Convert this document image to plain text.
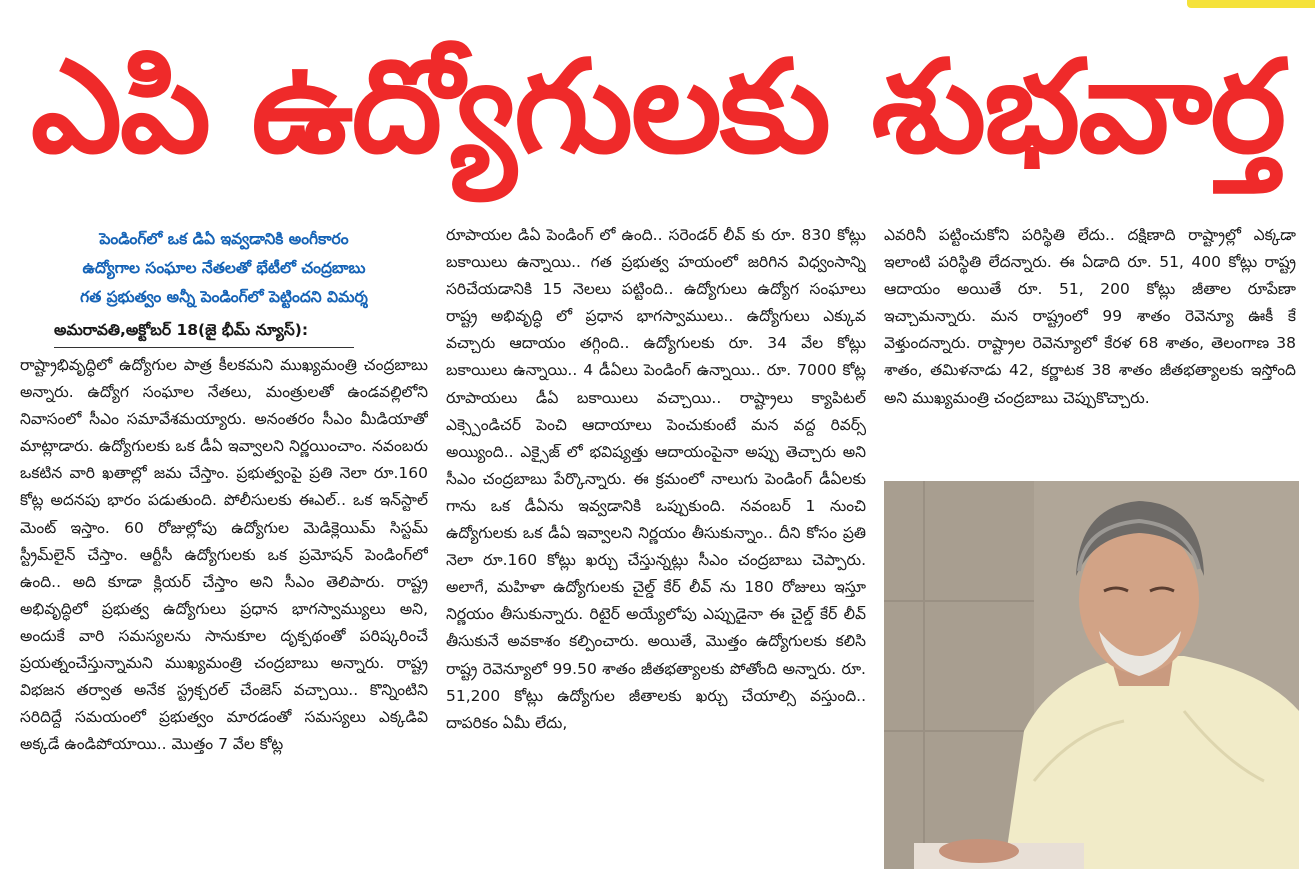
ఎపి ఉద్యోగులకు శుభవార్త
పెండింగ్‌లో ఒక డిఏ ఇవ్వడానికి అంగీకారం
ఉద్యోగాల సంఘాల నేతలతో భేటీలో చంద్రబాబు
గత ప్రభుత్వం అన్నీ పెండింగ్‌లో పెట్టిందని విమర్శ
అమరావతి,అక్టోబర్ 18(జై భీమ్ న్యూస్):

రాష్ట్రాభివృద్ధిలో ఉద్యోగుల పాత్ర కీలకమని ముఖ్యమంత్రి చంద్రబాబు అన్నారు. ఉద్యోగ సంఘాల నేతలు, మంత్రులతో ఉండవల్లిలోని నివాసంలో సీఎం సమావేశమయ్యారు. అనంతరం సీఎం మీడియాతో మాట్లాడారు. ఉద్యోగులకు ఒక డీఏ ఇవ్వాలని నిర్ణయించాం. నవంబరు ఒకటిన వారి ఖతాల్లో జమ చేస్తాం. ప్రభుత్వంపై ప్రతి నెలా రూ.160 కోట్ల అదనపు భారం పడుతుంది. పోలీసులకు ఈఎల్.. ఒక ఇన్‌స్టాల్ మెంట్ ఇస్తాం. 60 రోజుల్లోపు ఉద్యోగుల మెడిక్లెయిమ్ సిస్టమ్ స్ట్రీమ్‌లైన్ చేస్తాం. ఆర్టీసీ ఉద్యోగులకు ఒక ప్రమోషన్ పెండింగ్‌లో ఉంది.. అది కూడా క్లియర్ చేస్తాం అని సీఎం తెలిపారు. రాష్ట్ర అభివృద్ధిలో ప్రభుత్వ ఉద్యోగులు ప్రధాన భాగస్వామ్యులు అని, అందుకే వారి సమస్యలను సానుకూల దృక్పథంతో పరిష్కరించే ప్రయత్నంచేస్తున్నామని ముఖ్యమంత్రి చంద్రబాబు అన్నారు. రాష్ట్ర విభజన తర్వాత అనేక స్ట్రక్చరల్ చేంజెస్ వచ్చాయి.. కొన్నింటిని సరిదిద్దే సమయంలో ప్రభుత్వం మారడంతో సమస్యలు ఎక్కడివి అక్కడే ఉండిపోయాయి.. మొత్తం 7 వేల కోట్ల

రూపాయల డిఏ పెండింగ్ లో ఉంది.. సరెండర్ లీవ్ కు రూ. 830 కోట్లు బకాయిలు ఉన్నాయి.. గత ప్రభుత్వ హయంలో జరిగిన విధ్వంసాన్ని సరిచేయడానికి 15 నెలలు పట్టింది.. ఉద్యోగులు ఉద్యోగ సంఘాలు రాష్ట్ర అభివృద్ధి లో ప్రధాన భాగస్వాములు.. ఉద్యోగులు ఎక్కువ వచ్చారు ఆదాయం తగ్గింది.. ఉద్యోగులకు రూ. 34 వేల కోట్లు బకాయిలు ఉన్నాయి.. 4 డీఏలు పెండింగ్ ఉన్నాయి.. రూ. 7000 కోట్ల రూపాయలు డీఏ బకాయిలు వచ్చాయి.. రాష్ట్రాలు క్యాపిటల్ ఎక్స్పెండిచర్ పెంచి ఆదాయాలు పెంచుకుంటే మన వద్ద రివర్స్ అయ్యింది.. ఎక్సైజ్ లో భవిష్యత్తు ఆదాయంపైనా అప్పు తెచ్చారు అని సీఎం చంద్రబాబు పేర్కొన్నారు. ఈ క్రమంలో నాలుగు పెండింగ్ డీఏలకు గాను ఒక డీఏను ఇవ్వడానికి ఒప్పుకుంది. నవంబర్ 1 నుంచి ఉద్యోగులకు ఒక డీఏ ఇవ్వాలని నిర్ణయం తీసుకున్నాం.. దీని కోసం ప్రతి నెలా రూ.160 కోట్లు ఖర్చు చేస్తున్నట్లు సీఎం చంద్రబాబు చెప్పారు. అలాగే, మహిళా ఉద్యోగులకు చైల్డ్ కేర్ లీవ్ ను 180 రోజులు ఇస్తూ నిర్ణయం తీసుకున్నారు. రిటైర్ అయ్యేలోపు ఎప్పుడైనా ఈ చైల్డ్ కేర్ లీవ్ తీసుకునే అవకాశం కల్పించారు. అయితే, మొత్తం ఉద్యోగులకు కలిసి రాష్ట్ర రెవెన్యూలో 99.50 శాతం జీతభత్యాలకు పోతోంది అన్నారు. రూ. 51,200 కోట్లు ఉద్యోగుల జీతాలకు ఖర్చు చేయాల్సి వస్తుంది.. దాపరికం ఏమీ లేదు,

ఎవరినీ పట్టించుకోని పరిస్థితి లేదు.. దక్షిణాది రాష్ట్రాల్లో ఎక్కడా ఇలాంటి పరిస్థితి లేదన్నారు. ఈ ఏడాది రూ. 51, 400 కోట్లు రాష్ట్ర ఆదాయం అయితే రూ. 51, 200 కోట్లు జీతాల రూపేణా ఇచ్చామన్నారు. మన రాష్ట్రంలో 99 శాతం రెవెన్యూ ఊకీ కే వెళ్తుందన్నారు. రాష్ట్రాల రెవెన్యూలో కేరళ 68 శాతం, తెలంగాణ 38 శాతం, తమిళనాడు 42, కర్ణాటక 38 శాతం జీతభత్యాలకు ఇస్తోంది అని ముఖ్యమంత్రి చంద్రబాబు చెప్పుకొచ్చారు.
